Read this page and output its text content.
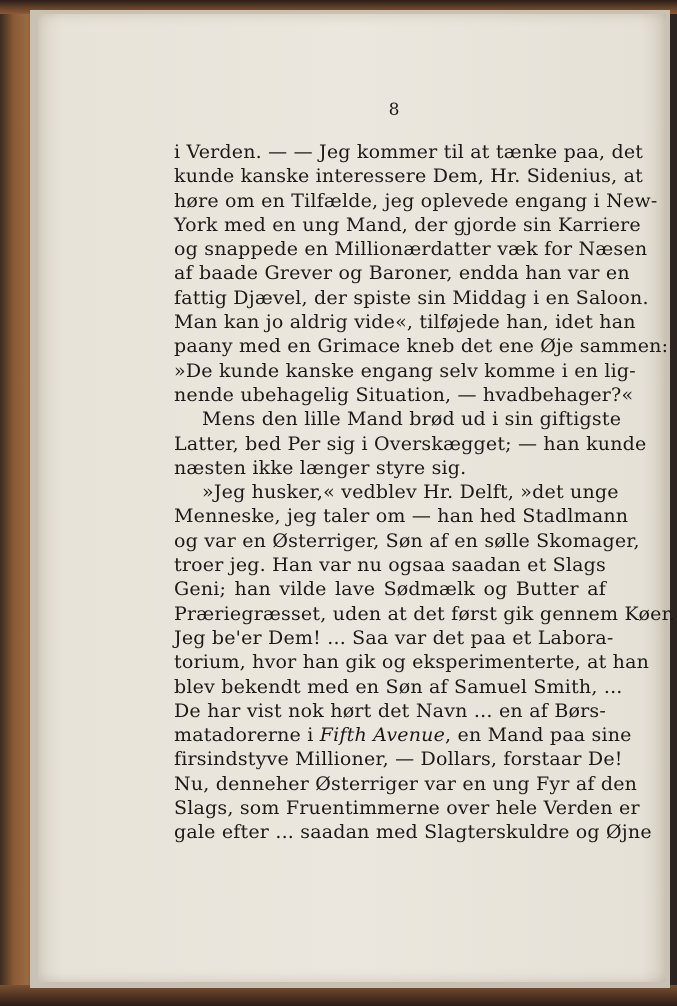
8
i Verden. — — Jeg kommer til at tænke paa, det
kunde kanske interessere Dem, Hr. Sidenius, at
høre om en Tilfælde, jeg oplevede engang i New-
York med en ung Mand, der gjorde sin Karriere
og snappede en Millionærdatter væk for Næsen
af baade Grever og Baroner, endda han var en
fattig Djævel, der spiste sin Middag i en Saloon.
Man kan jo aldrig vide«, tilføjede han, idet han
paany med en Grimace kneb det ene Øje sammen:
»De kunde kanske engang selv komme i en lig-
nende ubehagelig Situation, — hvadbehager?«
Mens den lille Mand brød ud i sin giftigste
Latter, bed Per sig i Overskægget; — han kunde
næsten ikke længer styre sig.
»Jeg husker,« vedblev Hr. Delft, »det unge
Menneske, jeg taler om — han hed Stadlmann
og var en Østerriger, Søn af en sølle Skomager,
troer jeg. Han var nu ogsaa saadan et Slags
Geni; han vilde lave Sødmælk og Butter af
Præriegræsset, uden at det først gik gennem Køer.
Jeg be'er Dem! ... Saa var det paa et Labora-
torium, hvor han gik og eksperimenterte, at han
blev bekendt med en Søn af Samuel Smith, ...
De har vist nok hørt det Navn ... en af Børs-
matadorerne i Fifth Avenue, en Mand paa sine
firsindstyve Millioner, — Dollars, forstaar De!
Nu, denneher Østerriger var en ung Fyr af den
Slags, som Fruentimmerne over hele Verden er
gale efter ... saadan med Slagterskuldre og Øjne
